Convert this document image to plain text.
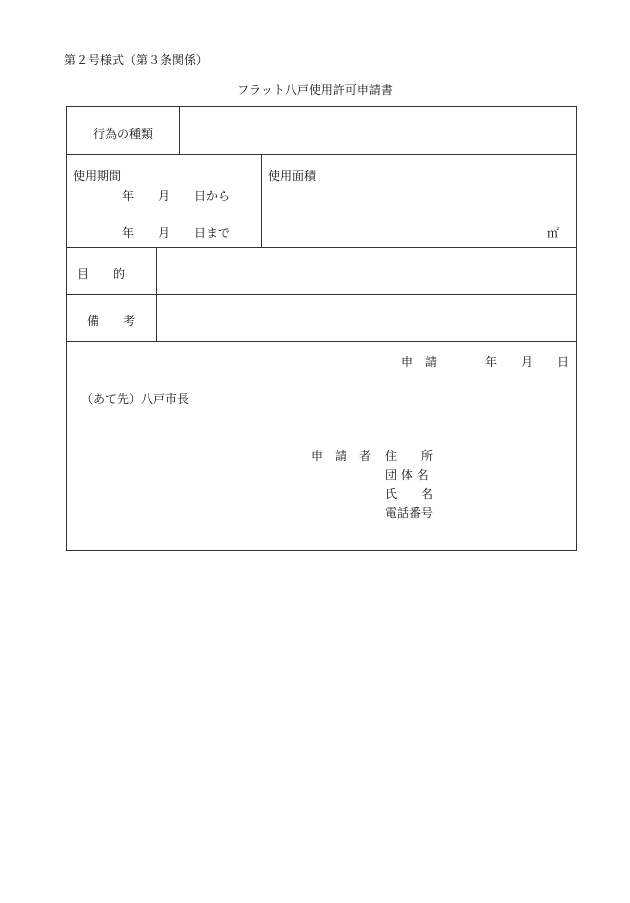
第２号様式（第３条関係）
フラット八戸使用許可申請書
行為の種類
使用期間
年　　月　　日から
年　　月　　日まで
使用面積
㎡
目　　的
備　　考
申　請	年　　月　　日
（あて先）八戸市長
申　請　者 住　　所
団 体 名
氏　　名
電話番号
